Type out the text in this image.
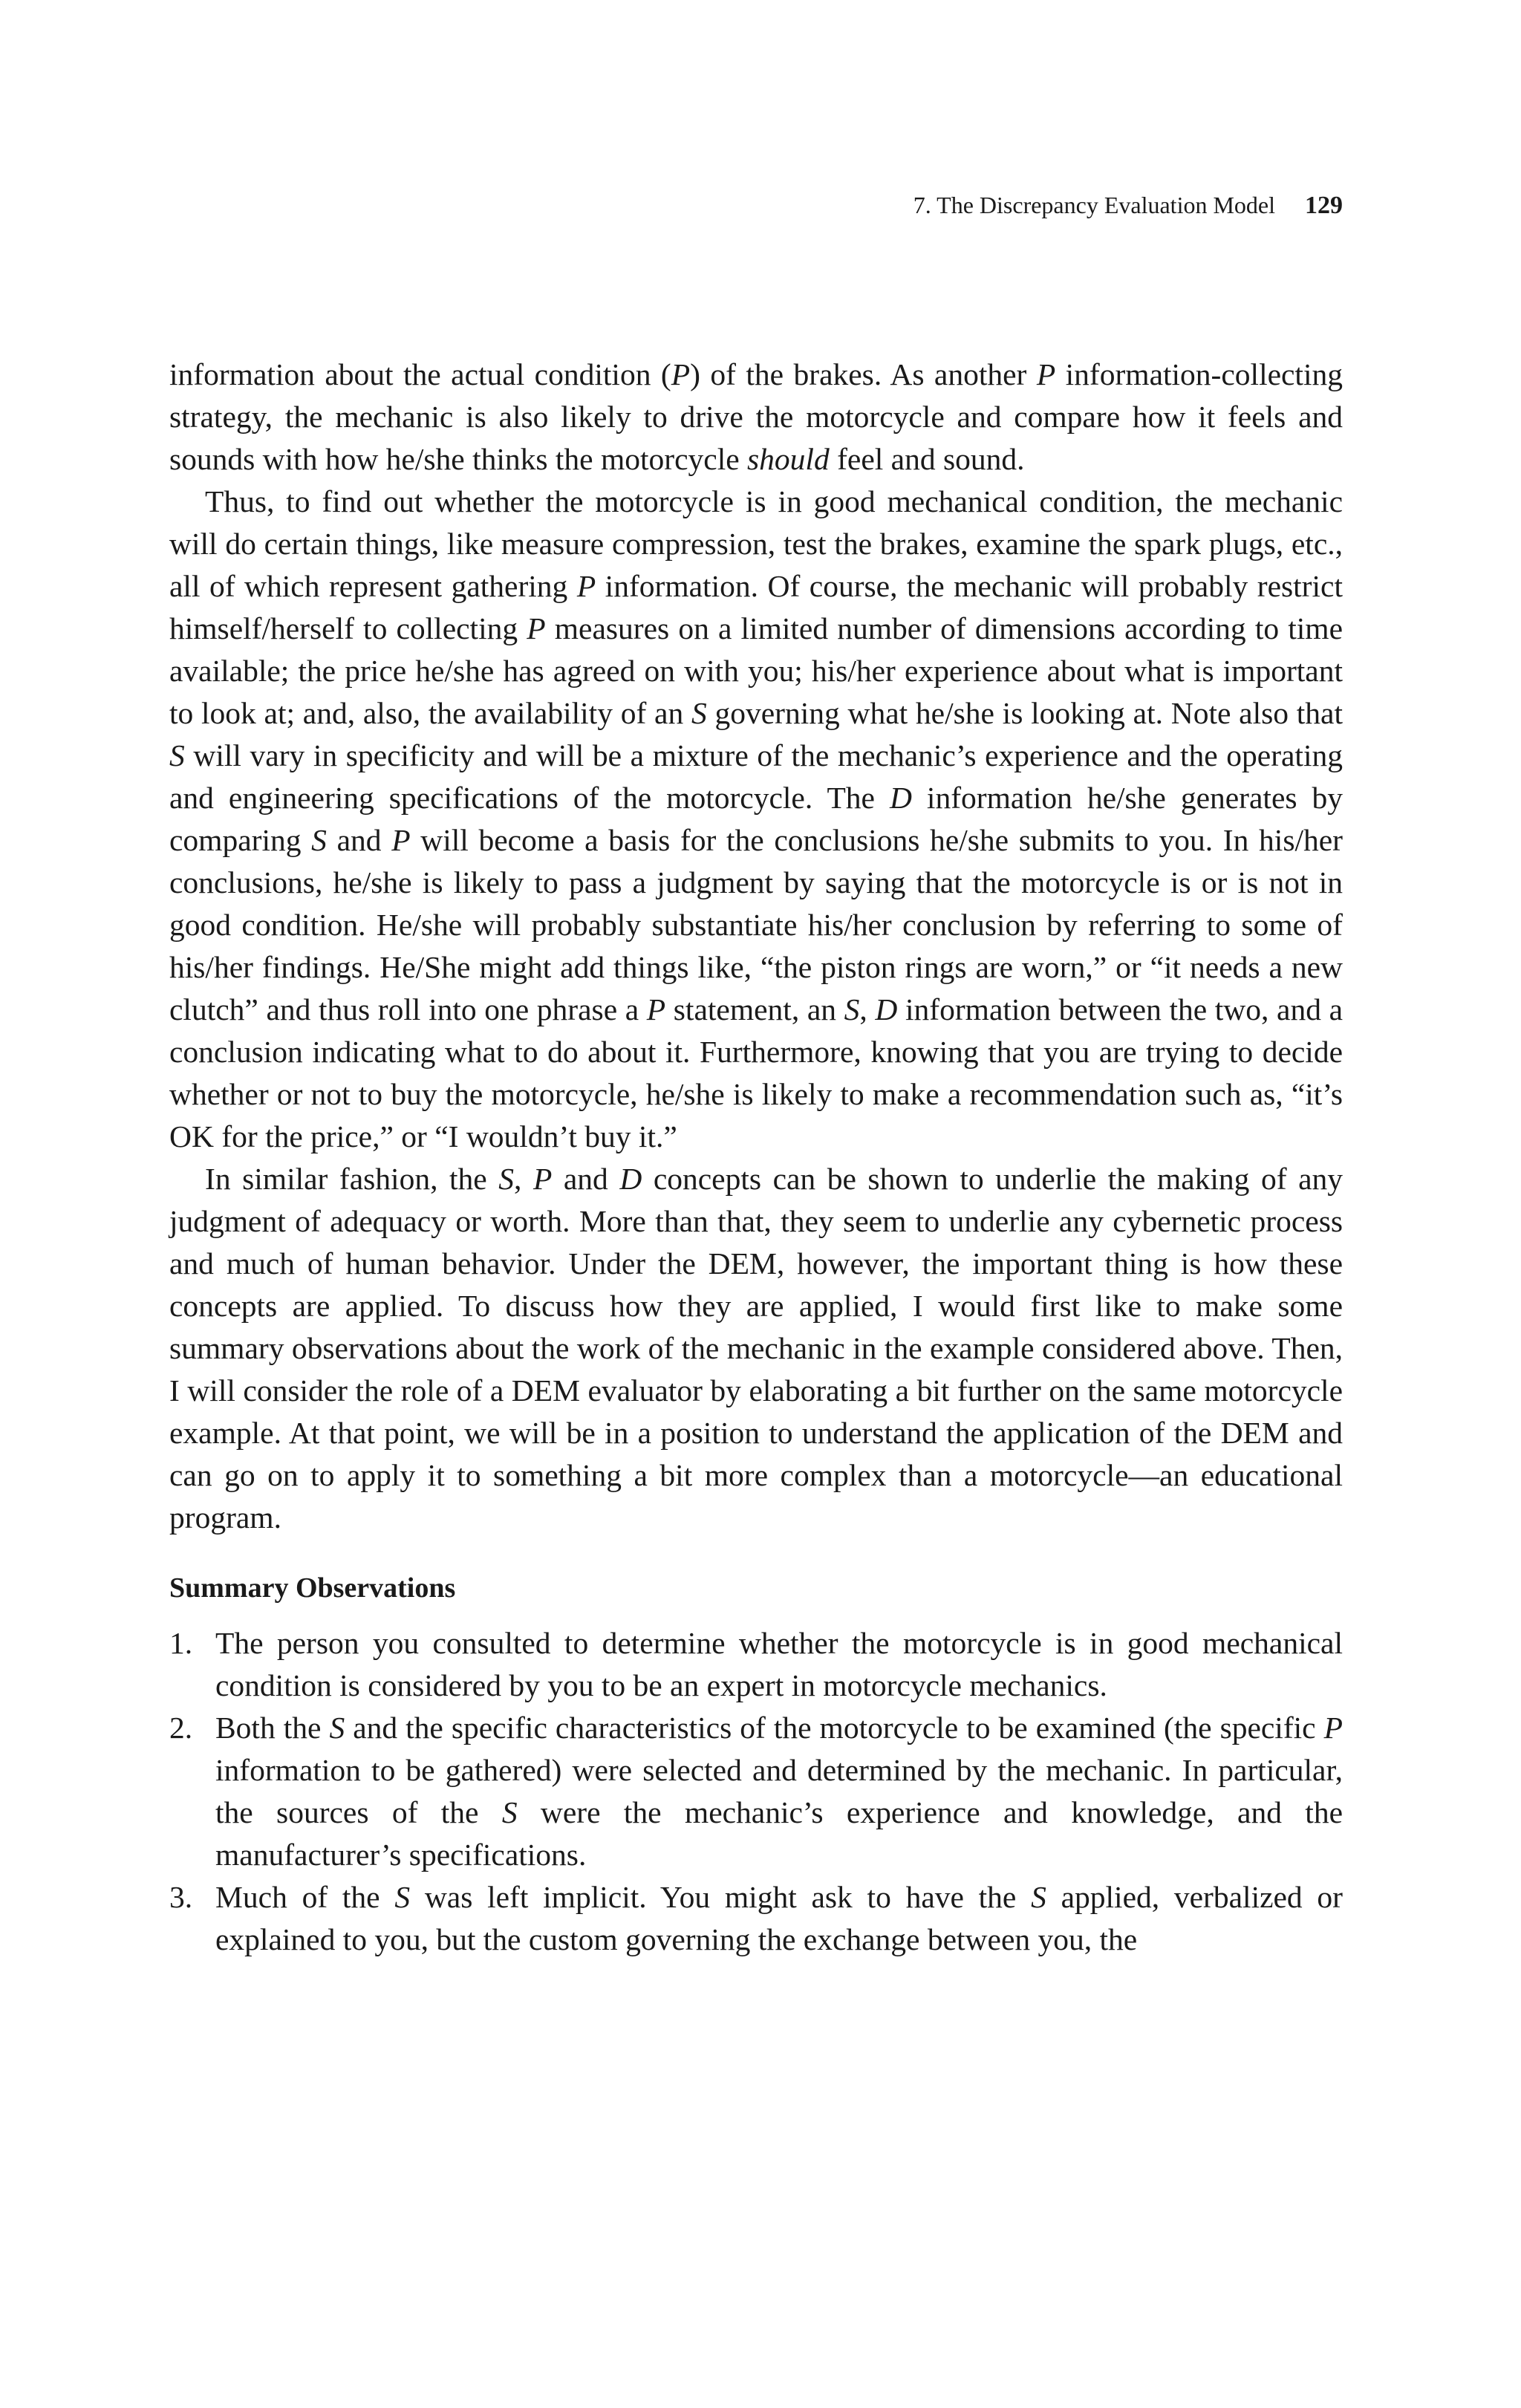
7. The Discrepancy Evaluation Model 129

information about the actual condition (P) of the brakes. As another P information-collecting strategy, the mechanic is also likely to drive the motorcycle and compare how it feels and sounds with how he/she thinks the motorcycle should feel and sound.

Thus, to find out whether the motorcycle is in good mechanical condition, the mechanic will do certain things, like measure compression, test the brakes, examine the spark plugs, etc., all of which represent gathering P information. Of course, the mechanic will probably restrict himself/herself to collecting P measures on a limited number of dimensions according to time available; the price he/she has agreed on with you; his/her experience about what is important to look at; and, also, the availability of an S governing what he/she is looking at. Note also that S will vary in specificity and will be a mixture of the mechanic’s experience and the operating and engineering specifications of the motorcycle. The D information he/she generates by comparing S and P will become a basis for the conclusions he/she submits to you. In his/her conclusions, he/she is likely to pass a judgment by saying that the motorcycle is or is not in good condition. He/she will probably substantiate his/her conclusion by referring to some of his/her findings. He/She might add things like, “the piston rings are worn,” or “it needs a new clutch” and thus roll into one phrase a P statement, an S, D information between the two, and a conclusion indicating what to do about it. Furthermore, knowing that you are trying to decide whether or not to buy the motorcycle, he/she is likely to make a recommendation such as, “it’s OK for the price,” or “I wouldn’t buy it.”

In similar fashion, the S, P and D concepts can be shown to underlie the making of any judgment of adequacy or worth. More than that, they seem to underlie any cybernetic process and much of human behavior. Under the DEM, however, the important thing is how these concepts are applied. To discuss how they are applied, I would first like to make some summary observations about the work of the mechanic in the example considered above. Then, I will consider the role of a DEM evaluator by elaborating a bit further on the same motorcycle example. At that point, we will be in a position to understand the application of the DEM and can go on to apply it to something a bit more complex than a motorcycle—an educational program.

Summary Observations
1. The person you consulted to determine whether the motorcycle is in good mechanical condition is considered by you to be an expert in motorcycle mechanics.
2. Both the S and the specific characteristics of the motorcycle to be examined (the specific P information to be gathered) were selected and determined by the mechanic. In particular, the sources of the S were the mechanic’s experience and knowledge, and the manufacturer’s specifications.
3. Much of the S was left implicit. You might ask to have the S applied, verbalized or explained to you, but the custom governing the exchange between you, the
